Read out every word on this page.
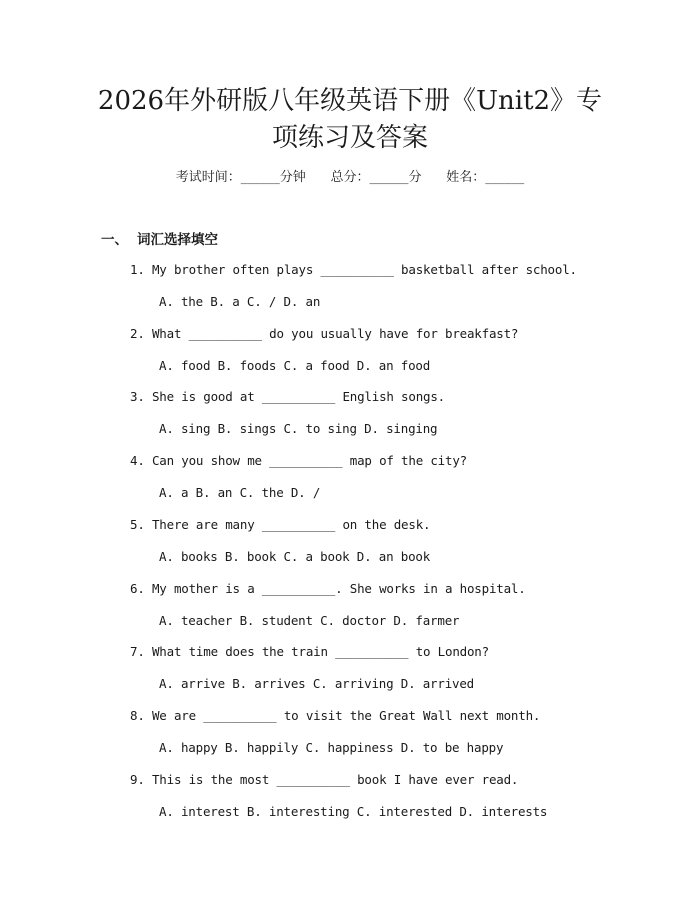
2026年外研版八年级英语下册《Unit2》专
项练习及答案
考试时间：______分钟      总分：______分      姓名：______
一、 词汇选择填空
1. My brother often plays __________ basketball after school.
A. the B. a C. / D. an
2. What __________ do you usually have for breakfast?
A. food B. foods C. a food D. an food
3. She is good at __________ English songs.
A. sing B. sings C. to sing D. singing
4. Can you show me __________ map of the city?
A. a B. an C. the D. /
5. There are many __________ on the desk.
A. books B. book C. a book D. an book
6. My mother is a __________. She works in a hospital.
A. teacher B. student C. doctor D. farmer
7. What time does the train __________ to London?
A. arrive B. arrives C. arriving D. arrived
8. We are __________ to visit the Great Wall next month.
A. happy B. happily C. happiness D. to be happy
9. This is the most __________ book I have ever read.
A. interest B. interesting C. interested D. interests
